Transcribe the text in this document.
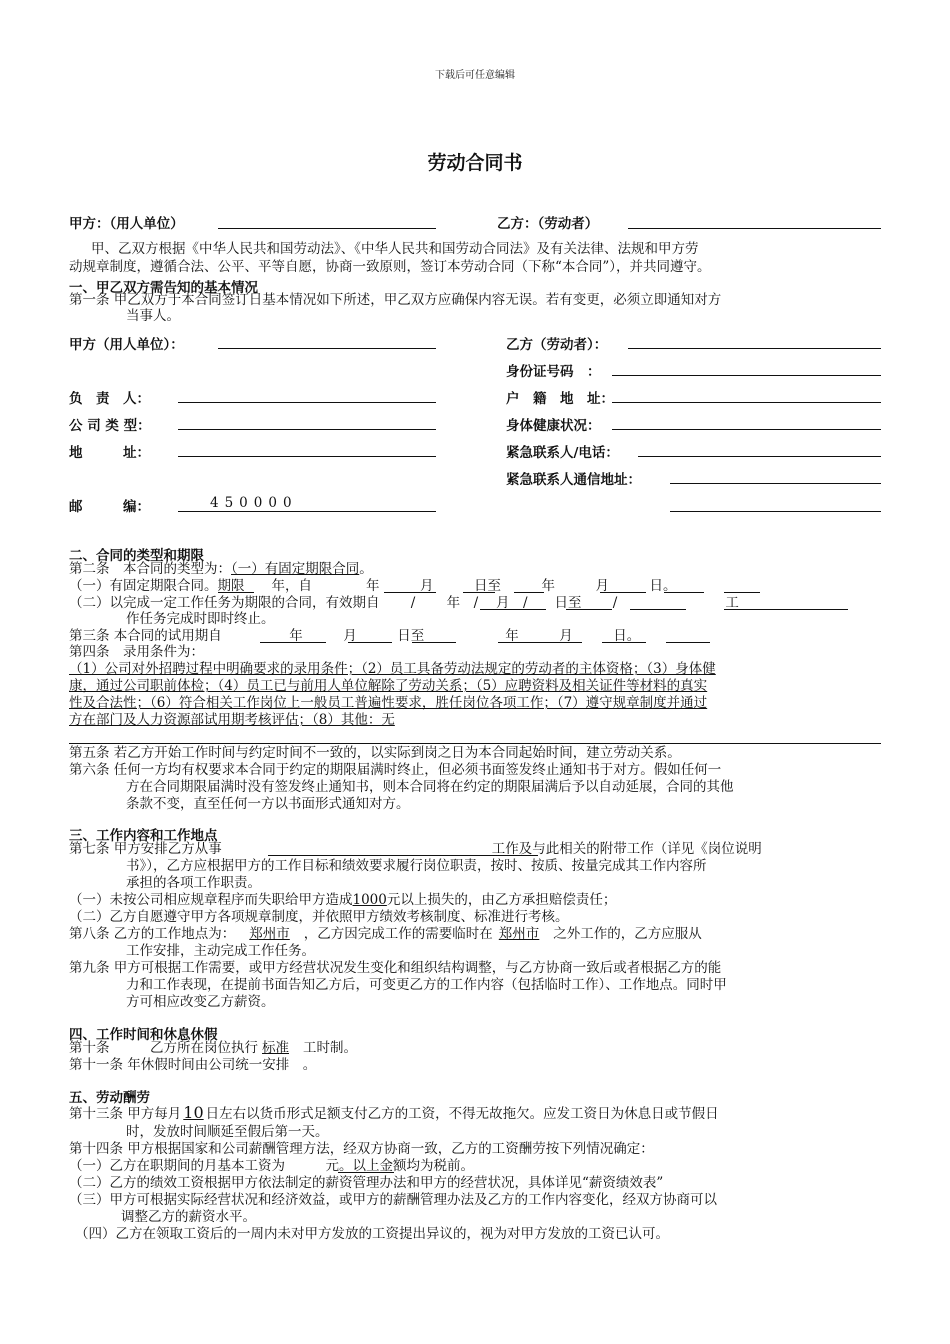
下载后可任意编辑
劳动合同书
甲方：（用人单位）	乙方：（劳动者）
甲、乙双方根据《中华人民共和国劳动法》、《中华人民共和国劳动合同法》及有关法律、法规和甲方劳
动规章制度，遵循合法、公平、平等自愿，协商一致原则，签订本劳动合同（下称“本合同”），并共同遵守。
一、甲乙双方需告知的基本情况
第一条 甲乙双方于本合同签订日基本情况如下所述，甲乙双方应确保内容无误。若有变更，必须立即通知对方
当事人。
甲方（用人单位）：
负　责　人：
公 司 类 型：
地　　　址：
邮　　　编：	450000
乙方（劳动者）：
身份证号码　：
户　籍　地　址：
身体健康状况：
紧急联系人/电话：
紧急联系人通信地址：
二、合同的类型和期限
第二条　本合同的类型为：（一）有固定期限合同。
（一）有固定期限合同。期限　　年，自　　　　年　　　月　　　日至　　　年　　　月　　　日。
（二）以完成一定工作任务为期限的合同，有效期自　　 /　　 年　/　 月　/　　日至　　 /　　　　　　　　工
作任务完成时即时终止。
第三条 本合同的试用期自　　　　　年　　　月　　　日至　　　　　　年　　　月　　　日。
第四条　录用条件为：
（1）公司对外招聘过程中明确要求的录用条件；（2）员工具备劳动法规定的劳动者的主体资格；（3）身体健
康，通过公司职前体检；（4）员工已与前用人单位解除了劳动关系；（5）应聘资料及相关证件等材料的真实
性及合法性；（6）符合相关工作岗位上一般员工普遍性要求，胜任岗位各项工作；（7）遵守规章制度并通过
方在部门及人力资源部试用期考核评估；（8）其他：无
第五条 若乙方开始工作时间与约定时间不一致的，以实际到岗之日为本合同起始时间，建立劳动关系。
第六条 任何一方均有权要求本合同于约定的期限届满时终止，但必须书面签发终止通知书于对方。假如任何一
方在合同期限届满时没有签发终止通知书，则本合同将在约定的期限届满后予以自动延展，合同的其他
条款不变，直至任何一方以书面形式通知对方。
三、工作内容和工作地点
第七条 甲方安排乙方从事　　　　　　　　　　　　　　　　　　　　工作及与此相关的附带工作（详见《岗位说明
书》），乙方应根据甲方的工作目标和绩效要求履行岗位职责，按时、按质、按量完成其工作内容所
承担的各项工作职责。
（一）未按公司相应规章程序而失职给甲方造成1000元以上损失的，由乙方承担赔偿责任；
（二）乙方自愿遵守甲方各项规章制度，并依照甲方绩效考核制度、标准进行考核。
第八条 乙方的工作地点为： 郑州市 ，乙方因完成工作的需要临时在 郑州市 之外工作的，乙方应服从
工作安排，主动完成工作任务。
第九条 甲方可根据工作需要，或甲方经营状况发生变化和组织结构调整，与乙方协商一致后或者根据乙方的能
力和工作表现，在提前书面告知乙方后，可变更乙方的工作内容（包括临时工作）、工作地点。同时甲
方可相应改变乙方薪资。
四、工作时间和休息休假
第十条　　　乙方所在岗位执行 标准 工时制。
第十一条 年休假时间由公司统一安排　。
五、劳动酬劳
第十三条 甲方每月 10 日左右以货币形式足额支付乙方的工资，不得无故拖欠。应发工资日为休息日或节假日
时，发放时间顺延至假后第一天。
第十四条 甲方根据国家和公司薪酬管理方法，经双方协商一致，乙方的工资酬劳按下列情况确定：
（一）乙方在职期间的月基本工资为　　　元。以上金额均为税前。
（二）乙方的绩效工资根据甲方依法制定的薪资管理办法和甲方的经营状况，具体详见“薪资绩效表”
（三）甲方可根据实际经营状况和经济效益，或甲方的薪酬管理办法及乙方的工作内容变化，经双方协商可以
调整乙方的薪资水平。
（四）乙方在领取工资后的一周内未对甲方发放的工资提出异议的，视为对甲方发放的工资已认可。
